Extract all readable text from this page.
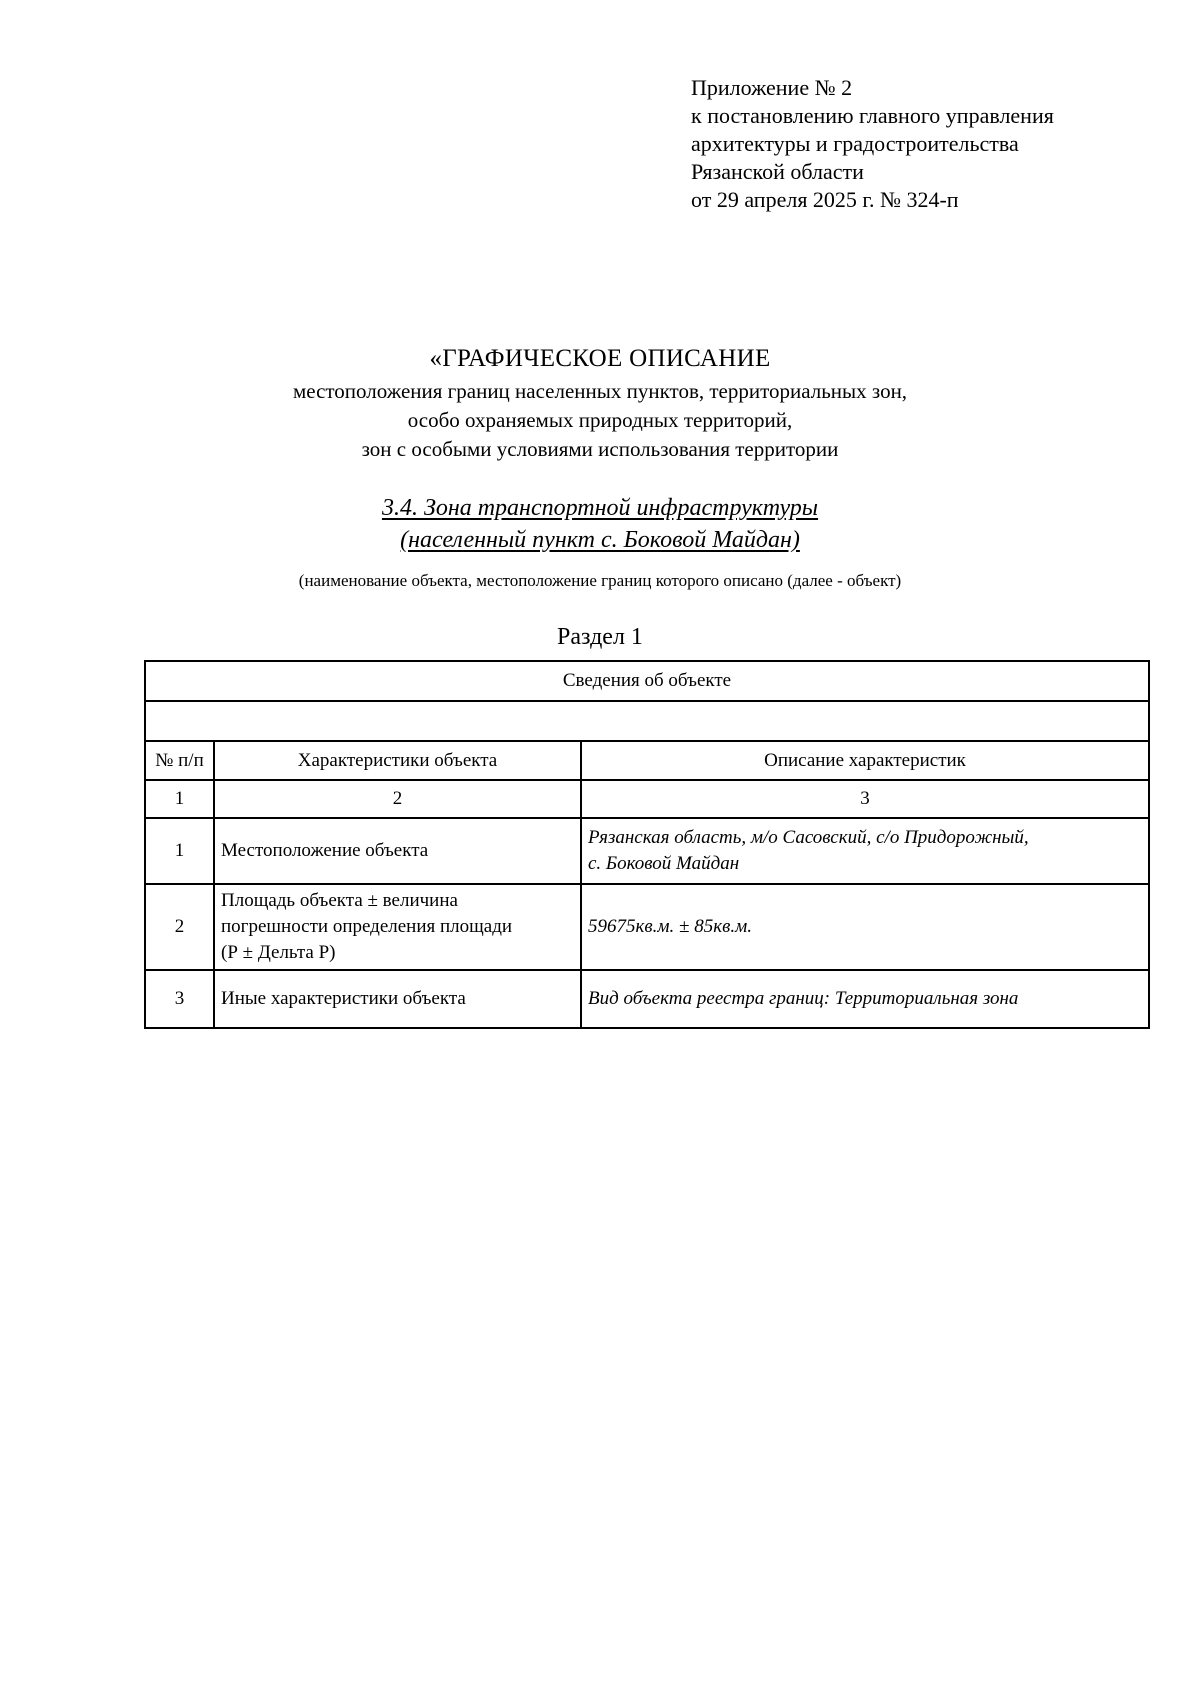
Приложение № 2
к постановлению главного управления
архитектуры и градостроительства
Рязанской области
от 29 апреля 2025 г. № 324-п
«ГРАФИЧЕСКОЕ ОПИСАНИЕ
местоположения границ населенных пунктов, территориальных зон,
особо охраняемых природных территорий,
зон с особыми условиями использования территории
3.4. Зона транспортной инфраструктуры
(населенный пункт с. Боковой Майдан)
(наименование объекта, местоположение границ которого описано (далее - объект)
Раздел 1
Сведения об объекте		

№ п/п	Характеристики объекта	Описание характеристик
1	2	3
1	Местоположение объекта	Рязанская область, м/о Сасовский, с/о Придорожный,
с. Боковой Майдан

2	Площадь объекта ± величина
погрешности определения площади
(Р ± Дельта Р)	59675кв.м. ± 85кв.м.
3	Иные характеристики объекта	Вид объекта реестра границ: Территориальная зона
